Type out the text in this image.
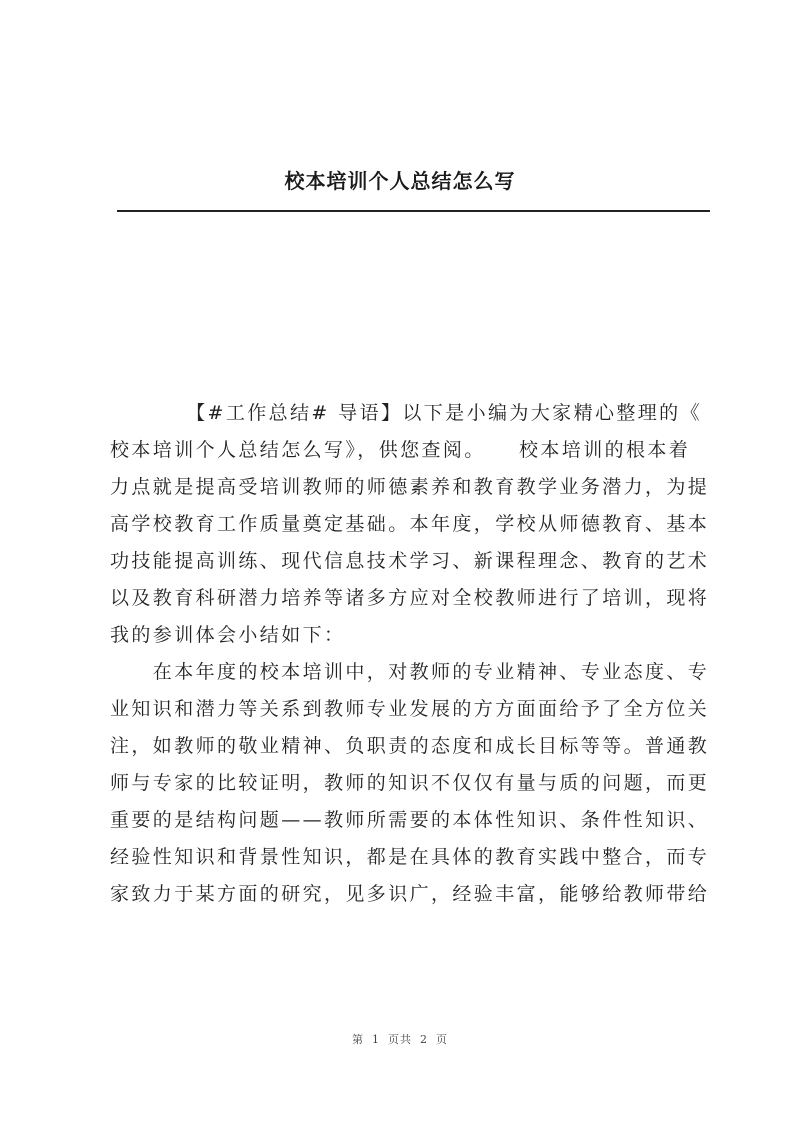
校本培训个人总结怎么写
　　　　【#工作总结# 导语】以下是小编为大家精心整理的《
校本培训个人总结怎么写》，供您查阅。　　校本培训的根本着
力点就是提高受培训教师的师德素养和教育教学业务潜力，为提
高学校教育工作质量奠定基础。本年度，学校从师德教育、基本
功技能提高训练、现代信息技术学习、新课程理念、教育的艺术
以及教育科研潜力培养等诸多方应对全校教师进行了培训，现将
我的参训体会小结如下：
　　在本年度的校本培训中，对教师的专业精神、专业态度、专
业知识和潜力等关系到教师专业发展的方方面面给予了全方位关
注，如教师的敬业精神、负职责的态度和成长目标等等。普通教
师与专家的比较证明，教师的知识不仅仅有量与质的问题，而更
重要的是结构问题——教师所需要的本体性知识、条件性知识、
经验性知识和背景性知识，都是在具体的教育实践中整合，而专
家致力于某方面的研究，见多识广，经验丰富，能够给教师带给
第 1 页共 2 页
